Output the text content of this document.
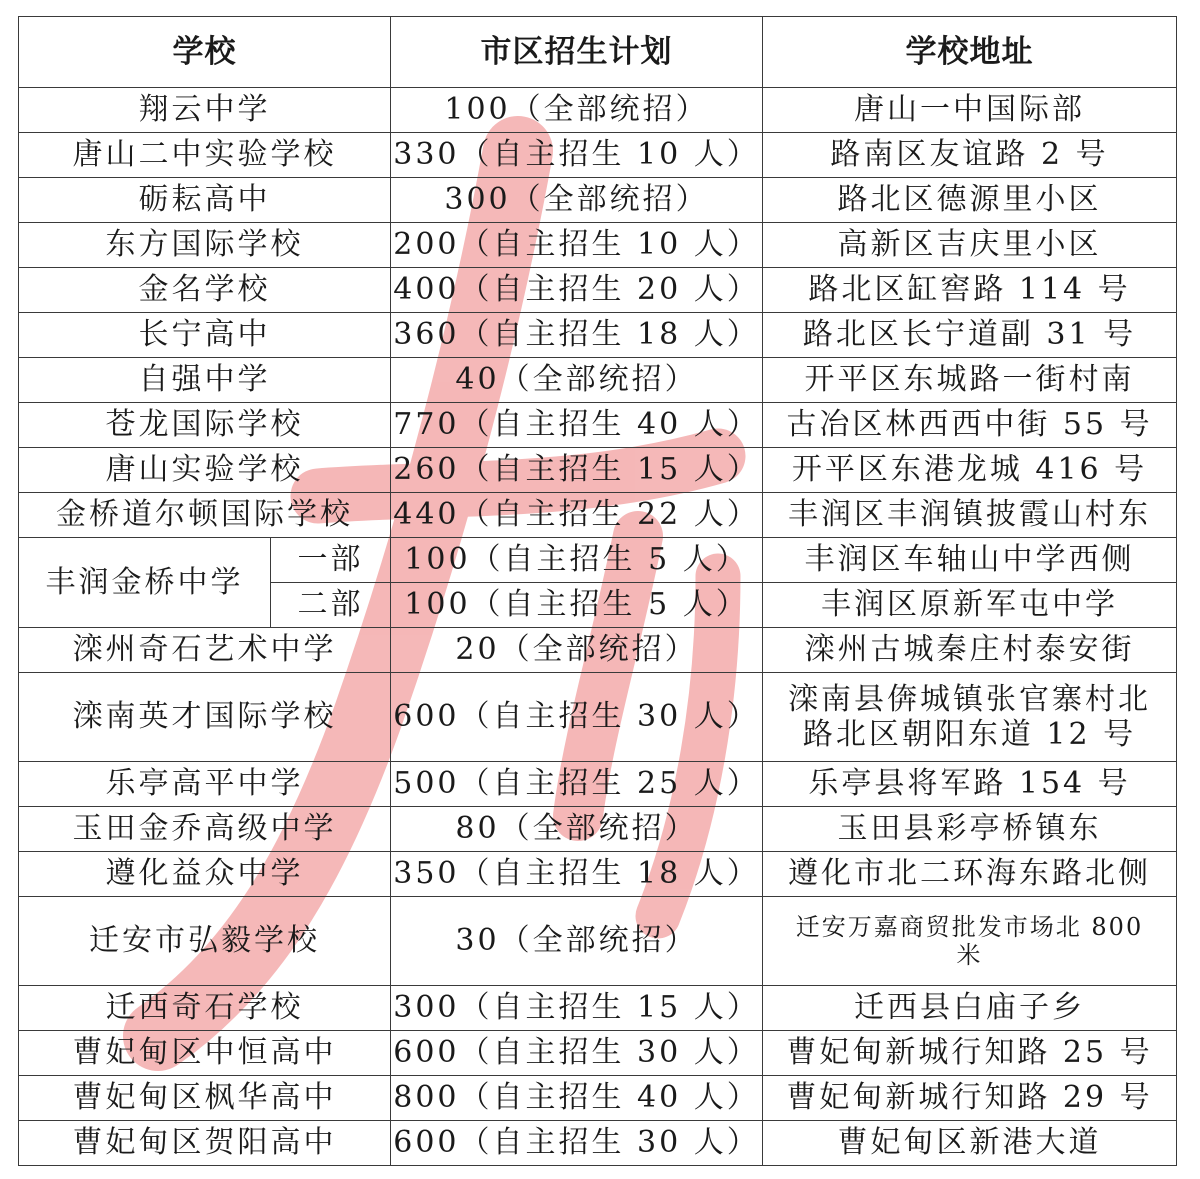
学校		市区招生计划	学校地址
翔云中学		100（全部统招）	唐山一中国际部
唐山二中实验学校		330（自主招生 10 人）	路南区友谊路 2 号
砺耘高中		300（全部统招）	路北区德源里小区
东方国际学校		200（自主招生 10 人）	高新区吉庆里小区
金名学校		400（自主招生 20 人）	路北区缸窖路 114 号
长宁高中		360（自主招生 18 人）	路北区长宁道副 31 号
自强中学		40（全部统招）	开平区东城路一街村南
苍龙国际学校		770（自主招生 40 人）	古冶区林西西中街 55 号
唐山实验学校		260（自主招生 15 人）	开平区东港龙城 416 号
金桥道尔顿国际学校		440（自主招生 22 人）	丰润区丰润镇披霞山村东
丰润金桥中学	一部	100（自主招生 5 人）	丰润区车轴山中学西侧
	二部	100（自主招生 5 人）	丰润区原新军屯中学
滦州奇石艺术中学		20（全部统招）	滦州古城秦庄村泰安街
滦南英才国际学校		600（自主招生 30 人）	滦南县倴城镇张官寨村北
路北区朝阳东道 12 号

乐亭高平中学		500（自主招生 25 人）	乐亭县将军路 154 号
玉田金乔高级中学		80（全部统招）	玉田县彩亭桥镇东
遵化益众中学		350（自主招生 18 人）	遵化市北二环海东路北侧
迁安市弘毅学校		30（全部统招）	迁安万嘉商贸批发市场北 800
米

迁西奇石学校		300（自主招生 15 人）	迁西县白庙子乡
曹妃甸区中恒高中		600（自主招生 30 人）	曹妃甸新城行知路 25 号
曹妃甸区枫华高中		800（自主招生 40 人）	曹妃甸新城行知路 29 号
曹妃甸区贺阳高中		600（自主招生 30 人）	曹妃甸区新港大道
